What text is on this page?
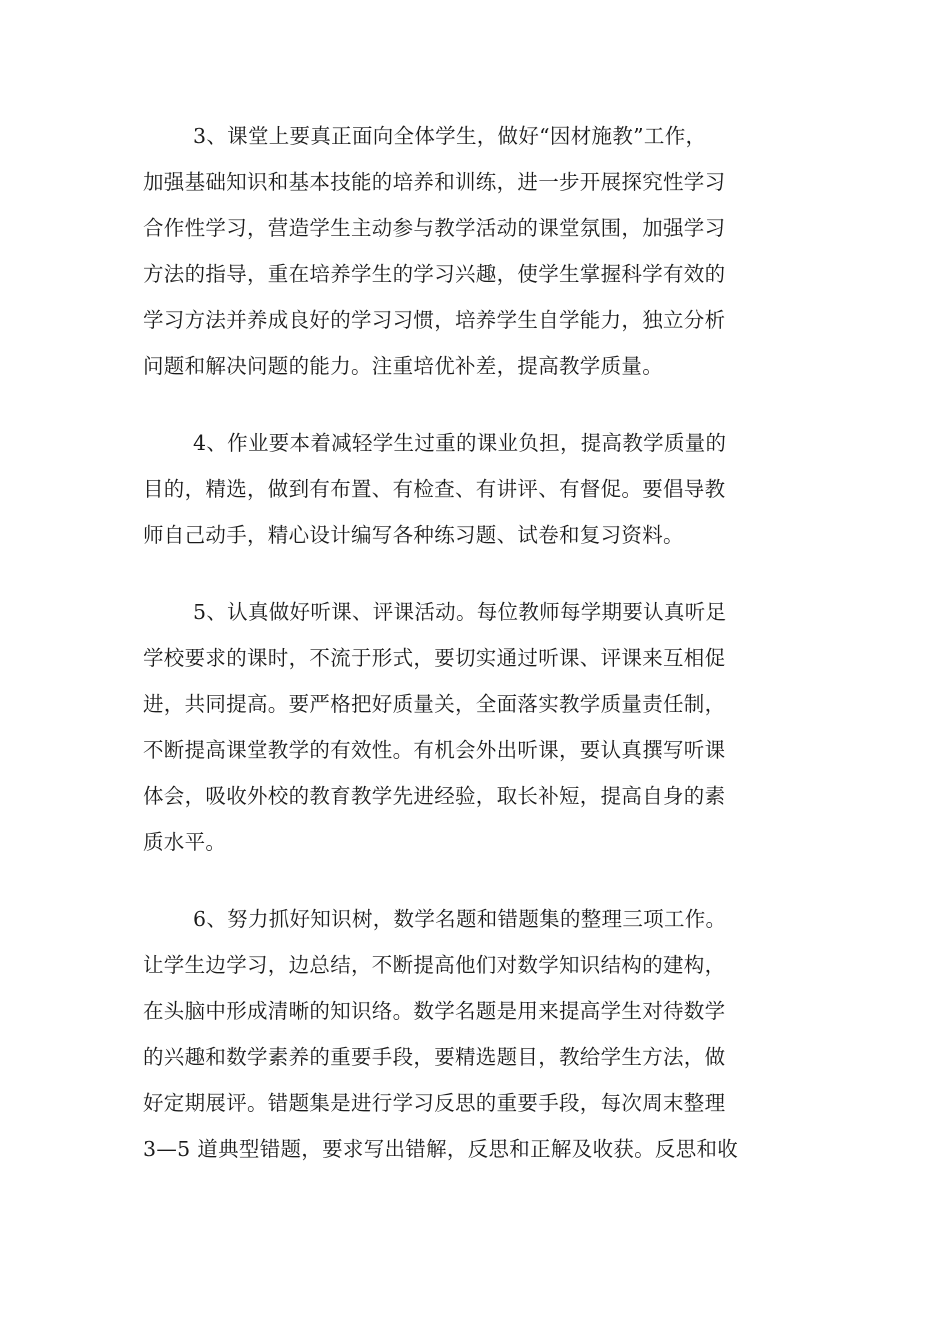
3、课堂上要真正面向全体学生，做好“因材施教”工作，
加强基础知识和基本技能的培养和训练，进一步开展探究性学习
合作性学习，营造学生主动参与教学活动的课堂氛围，加强学习
方法的指导，重在培养学生的学习兴趣，使学生掌握科学有效的
学习方法并养成良好的学习习惯，培养学生自学能力，独立分析
问题和解决问题的能力。注重培优补差，提高教学质量。

4、作业要本着减轻学生过重的课业负担，提高教学质量的
目的，精选，做到有布置、有检查、有讲评、有督促。要倡导教
师自己动手，精心设计编写各种练习题、试卷和复习资料。

5、认真做好听课、评课活动。每位教师每学期要认真听足
学校要求的课时，不流于形式，要切实通过听课、评课来互相促
进，共同提高。要严格把好质量关，全面落实教学质量责任制，
不断提高课堂教学的有效性。有机会外出听课，要认真撰写听课
体会，吸收外校的教育教学先进经验，取长补短，提高自身的素
质水平。

6、努力抓好知识树，数学名题和错题集的整理三项工作。
让学生边学习，边总结，不断提高他们对数学知识结构的建构，
在头脑中形成清晰的知识络。数学名题是用来提高学生对待数学
的兴趣和数学素养的重要手段，要精选题目，教给学生方法，做
好定期展评。错题集是进行学习反思的重要手段，每次周末整理
3—5 道典型错题，要求写出错解，反思和正解及收获。反思和收
